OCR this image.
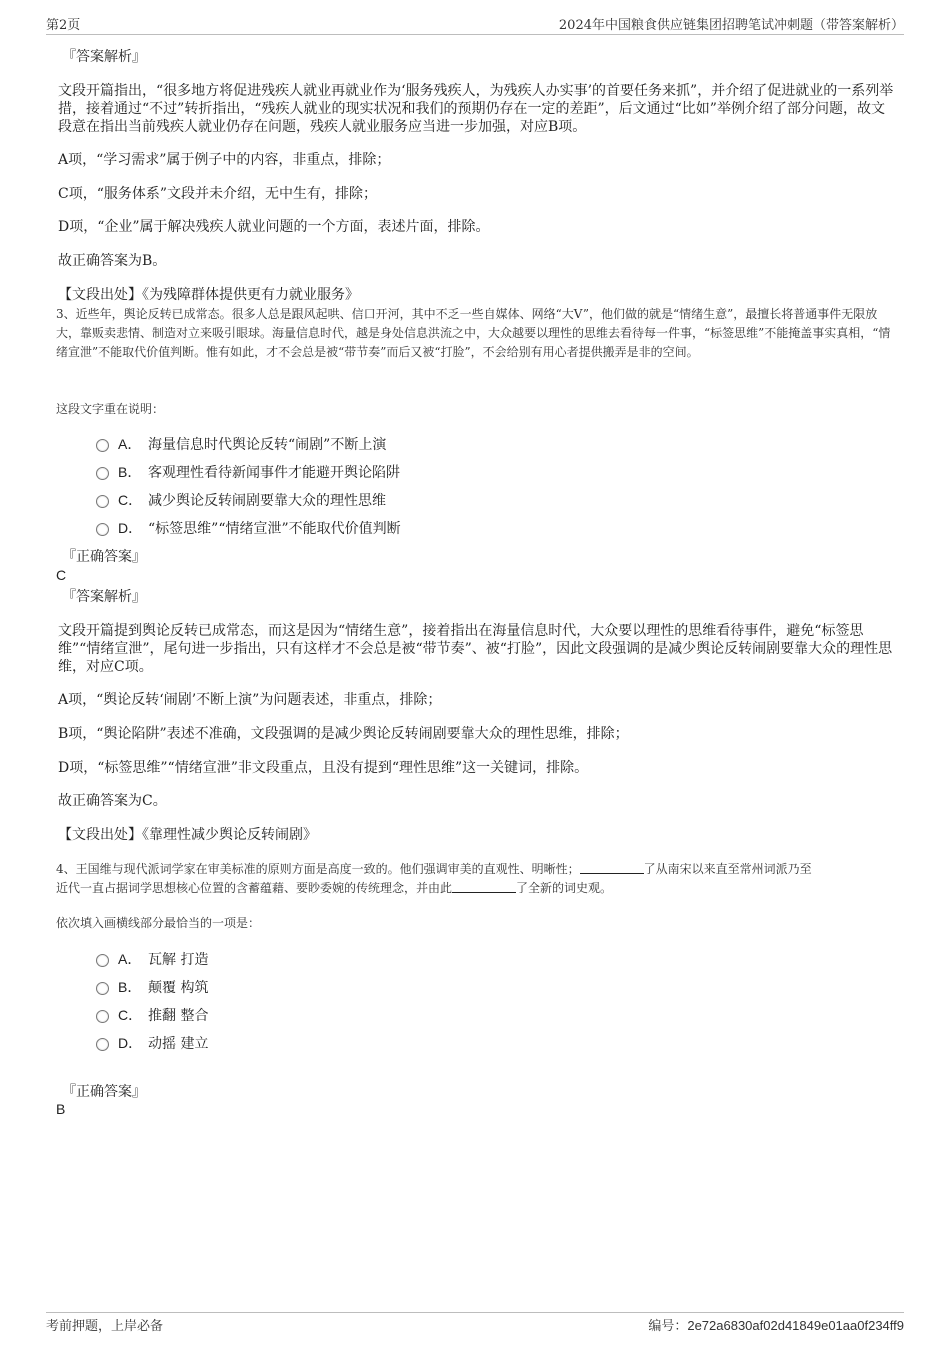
第2页	2024年中国粮食供应链集团招聘笔试冲刺题（带答案解析）
『答案解析』
文段开篇指出，“很多地方将促进残疾人就业再就业作为‘服务残疾人，为残疾人办实事’的首要任务来抓”，并介绍了促进就业的一系列举措，接着通过“不过”转折指出，“残疾人就业的现实状况和我们的预期仍存在一定的差距”，后文通过“比如”举例介绍了部分问题，故文段意在指出当前残疾人就业仍存在问题，残疾人就业服务应当进一步加强，对应B项。
A项，“学习需求”属于例子中的内容，非重点，排除；
C项，“服务体系”文段并未介绍，无中生有，排除；
D项，“企业”属于解决残疾人就业问题的一个方面，表述片面，排除。
故正确答案为B。
【文段出处】《为残障群体提供更有力就业服务》
3、近些年，舆论反转已成常态。很多人总是跟风起哄、信口开河，其中不乏一些自媒体、网络“大V”，他们做的就是“情绪生意”，最擅长将普通事件无限放大，靠贩卖悲情、制造对立来吸引眼球。海量信息时代，越是身处信息洪流之中，大众越要以理性的思维去看待每一件事，“标签思维”不能掩盖事实真相，“情绪宣泄”不能取代价值判断。惟有如此，才不会总是被“带节奏”而后又被“打脸”，不会给别有用心者提供搬弄是非的空间。
这段文字重在说明：
A． 海量信息时代舆论反转“闹剧”不断上演
B． 客观理性看待新闻事件才能避开舆论陷阱
C． 减少舆论反转闹剧要靠大众的理性思维
D． “标签思维”“情绪宣泄”不能取代价值判断
『正确答案』
C
『答案解析』
文段开篇提到舆论反转已成常态，而这是因为“情绪生意”，接着指出在海量信息时代，大众要以理性的思维看待事件，避免“标签思维”“情绪宣泄”，尾句进一步指出，只有这样才不会总是被“带节奏”、被“打脸”，因此文段强调的是减少舆论反转闹剧要靠大众的理性思维，对应C项。
A项，“舆论反转‘闹剧’不断上演”为问题表述，非重点，排除；
B项，“舆论陷阱”表述不准确，文段强调的是减少舆论反转闹剧要靠大众的理性思维，排除；
D项，“标签思维”“情绪宣泄”非文段重点，且没有提到“理性思维”这一关键词，排除。
故正确答案为C。
【文段出处】《靠理性减少舆论反转闹剧》
4、王国维与现代派词学家在审美标准的原则方面是高度一致的。他们强调审美的直观性、明晰性；	了从南宋以来直至常州词派乃至
近代一直占据词学思想核心位置的含蓄蕴藉、要眇委婉的传统理念，并由此	了全新的词史观。
依次填入画横线部分最恰当的一项是：
A． 瓦解 打造
B． 颠覆 构筑
C． 推翻 整合
D． 动摇 建立
『正确答案』
B
考前押题，上岸必备	编号：2e72a6830af02d41849e01aa0f234ff9
